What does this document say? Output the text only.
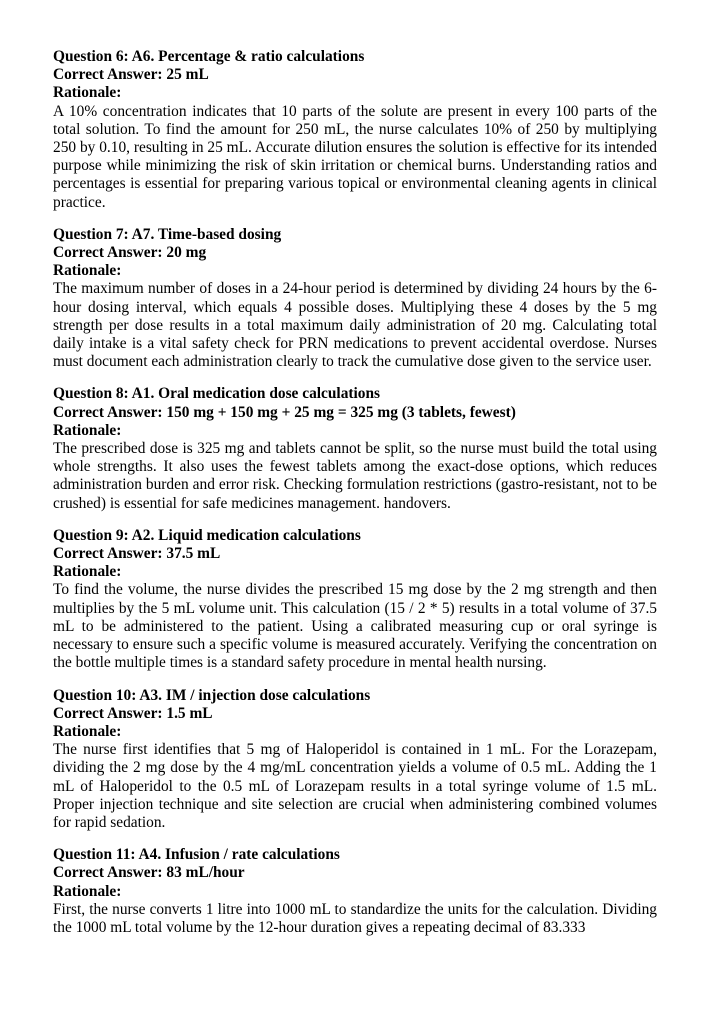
Question 6: A6. Percentage & ratio calculations

Correct Answer: 25 mL

Rationale:

A 10% concentration indicates that 10 parts of the solute are present in every 100 parts of the total solution. To find the amount for 250 mL, the nurse calculates 10% of 250 by multiplying 250 by 0.10, resulting in 25 mL. Accurate dilution ensures the solution is effective for its intended purpose while minimizing the risk of skin irritation or chemical burns. Understanding ratios and percentages is essential for preparing various topical or environmental cleaning agents in clinical practice.

Question 7: A7. Time-based dosing

Correct Answer: 20 mg

Rationale:

The maximum number of doses in a 24-hour period is determined by dividing 24 hours by the 6-hour dosing interval, which equals 4 possible doses. Multiplying these 4 doses by the 5 mg strength per dose results in a total maximum daily administration of 20 mg. Calculating total daily intake is a vital safety check for PRN medications to prevent accidental overdose. Nurses must document each administration clearly to track the cumulative dose given to the service user.

Question 8: A1. Oral medication dose calculations

Correct Answer: 150 mg + 150 mg + 25 mg = 325 mg (3 tablets, fewest)

Rationale:

The prescribed dose is 325 mg and tablets cannot be split, so the nurse must build the total using whole strengths. It also uses the fewest tablets among the exact-dose options, which reduces administration burden and error risk. Checking formulation restrictions (gastro-resistant, not to be crushed) is essential for safe medicines management. handovers.

Question 9: A2. Liquid medication calculations

Correct Answer: 37.5 mL

Rationale:

To find the volume, the nurse divides the prescribed 15 mg dose by the 2 mg strength and then multiplies by the 5 mL volume unit. This calculation (15 / 2 * 5) results in a total volume of 37.5 mL to be administered to the patient. Using a calibrated measuring cup or oral syringe is necessary to ensure such a specific volume is measured accurately. Verifying the concentration on the bottle multiple times is a standard safety procedure in mental health nursing.

Question 10: A3. IM / injection dose calculations

Correct Answer: 1.5 mL

Rationale:

The nurse first identifies that 5 mg of Haloperidol is contained in 1 mL. For the Lorazepam, dividing the 2 mg dose by the 4 mg/mL concentration yields a volume of 0.5 mL. Adding the 1 mL of Haloperidol to the 0.5 mL of Lorazepam results in a total syringe volume of 1.5 mL. Proper injection technique and site selection are crucial when administering combined volumes for rapid sedation.

Question 11: A4. Infusion / rate calculations

Correct Answer: 83 mL/hour

Rationale:

First, the nurse converts 1 litre into 1000 mL to standardize the units for the calculation. Dividing the 1000 mL total volume by the 12-hour duration gives a repeating decimal of 83.333
